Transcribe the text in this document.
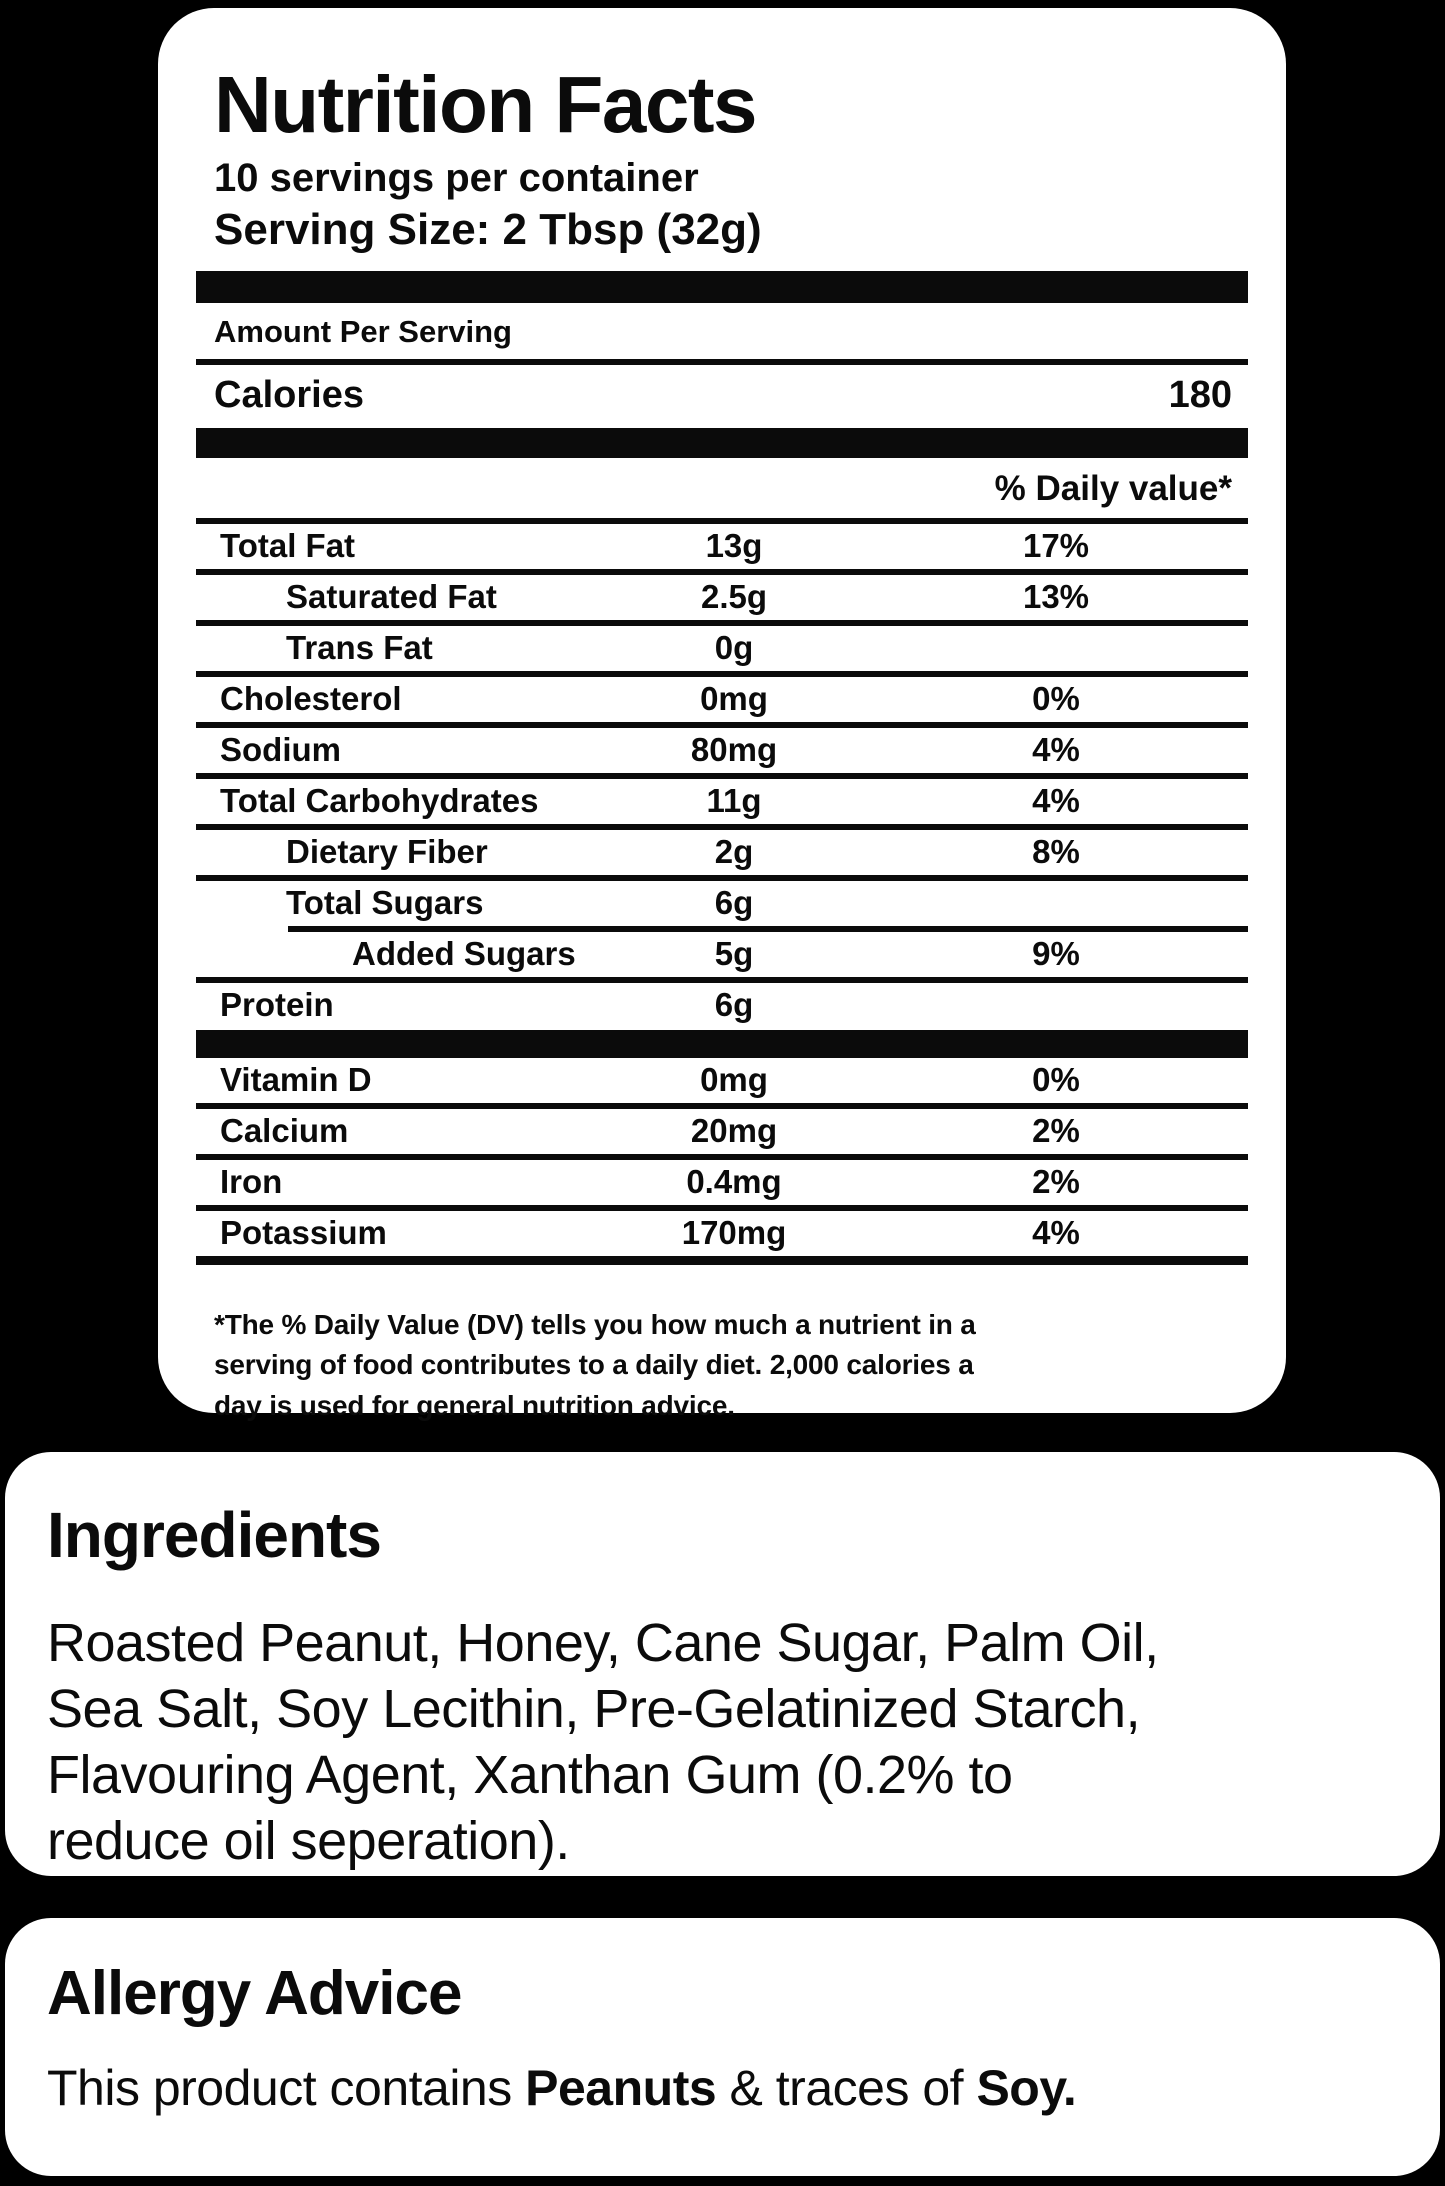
Nutrition Facts
10 servings per container
Serving Size: 2 Tbsp (32g)
Amount Per Serving
Calories	180
% Daily value*
Total Fat	13g	17%
Saturated Fat	2.5g	13%
Trans Fat	0g
Cholesterol	0mg	0%
Sodium	80mg	4%
Total Carbohydrates	11g	4%
Dietary Fiber	2g	8%
Total Sugars	6g
Added Sugars	5g	9%
Protein	6g
Vitamin D	0mg	0%
Calcium	20mg	2%
Iron	0.4mg	2%
Potassium	170mg	4%
*The % Daily Value (DV) tells you how much a nutrient in a
serving of food contributes to a daily diet. 2,000 calories a
day is used for general nutrition advice.
Ingredients
Roasted Peanut, Honey, Cane Sugar, Palm Oil,
Sea Salt, Soy Lecithin, Pre-Gelatinized Starch,
Flavouring Agent, Xanthan Gum (0.2% to
reduce oil seperation).
Allergy Advice
This product contains Peanuts & traces of Soy.
